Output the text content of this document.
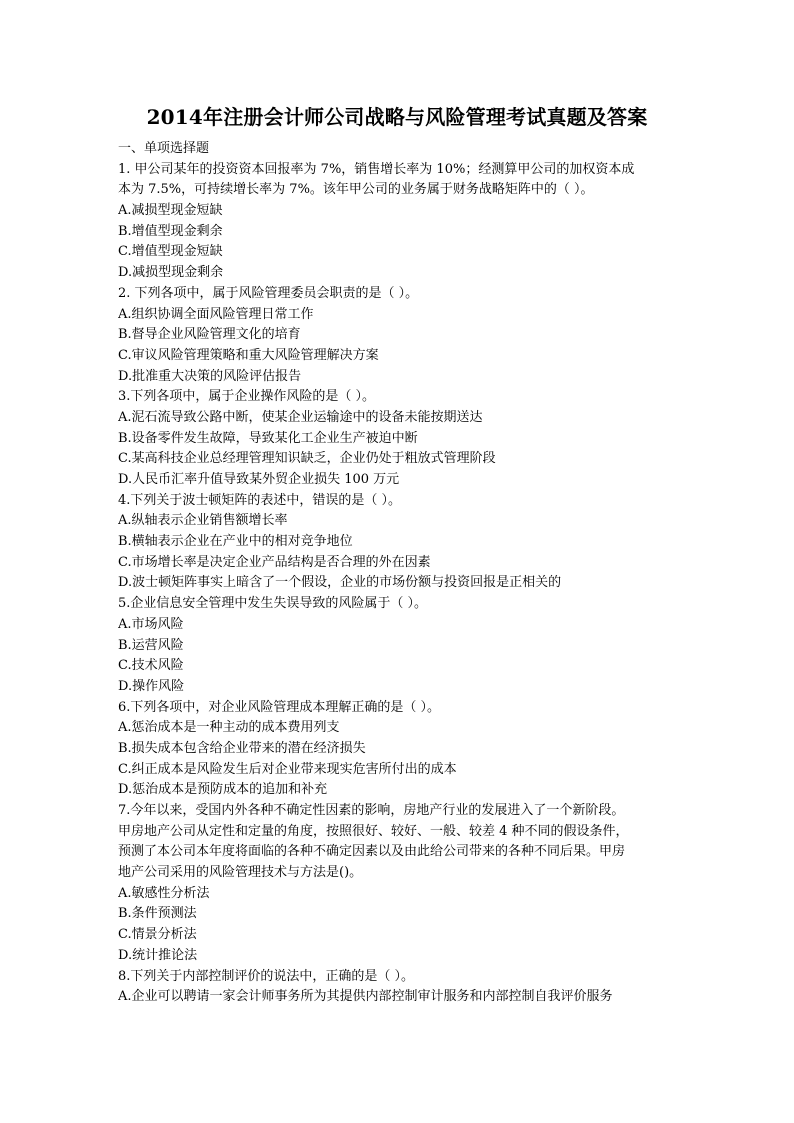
2014年注册会计师公司战略与风险管理考试真题及答案
一、单项选择题
1. 甲公司某年的投资资本回报率为 7%，销售增长率为 10%；经测算甲公司的加权资本成
本为 7.5%，可持续增长率为 7%。该年甲公司的业务属于财务战略矩阵中的（ ）。
A.减损型现金短缺
B.增值型现金剩余
C.增值型现金短缺
D.减损型现金剩余
2. 下列各项中，属于风险管理委员会职责的是（ ）。
A.组织协调全面风险管理日常工作
B.督导企业风险管理文化的培育
C.审议风险管理策略和重大风险管理解决方案
D.批准重大决策的风险评估报告
3.下列各项中，属于企业操作风险的是（ ）。
A.泥石流导致公路中断，使某企业运输途中的设备未能按期送达
B.设备零件发生故障，导致某化工企业生产被迫中断
C.某高科技企业总经理管理知识缺乏，企业仍处于粗放式管理阶段
D.人民币汇率升值导致某外贸企业损失 100 万元
4.下列关于波士顿矩阵的表述中，错误的是（ ）。
A.纵轴表示企业销售额增长率
B.横轴表示企业在产业中的相对竞争地位
C.市场增长率是决定企业产品结构是否合理的外在因素
D.波士顿矩阵事实上暗含了一个假设，企业的市场份额与投资回报是正相关的
5.企业信息安全管理中发生失误导致的风险属于（ ）。
A.市场风险
B.运营风险
C.技术风险
D.操作风险
6.下列各项中，对企业风险管理成本理解正确的是（ ）。
A.惩治成本是一种主动的成本费用列支
B.损失成本包含给企业带来的潜在经济损失
C.纠正成本是风险发生后对企业带来现实危害所付出的成本
D.惩治成本是预防成本的追加和补充
7.今年以来，受国内外各种不确定性因素的影响，房地产行业的发展进入了一个新阶段。
甲房地产公司从定性和定量的角度，按照很好、较好、一般、较差 4 种不同的假设条件，
预测了本公司本年度将面临的各种不确定因素以及由此给公司带来的各种不同后果。甲房
地产公司采用的风险管理技术与方法是()。
A.敏感性分析法
B.条件预测法
C.情景分析法
D.统计推论法
8.下列关于内部控制评价的说法中，正确的是（ ）。
A.企业可以聘请一家会计师事务所为其提供内部控制审计服务和内部控制自我评价服务
